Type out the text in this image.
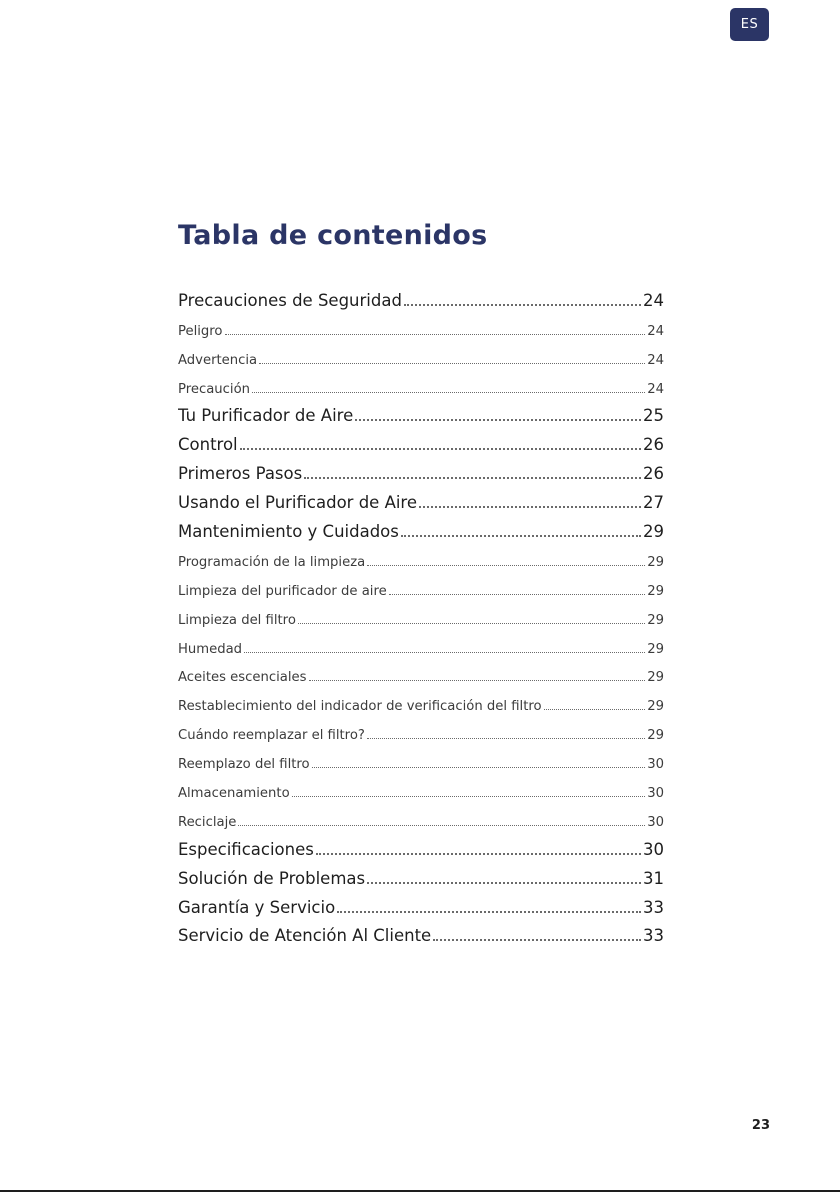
ES
Tabla de contenidos
Precauciones de Seguridad	24
Peligro	24
Advertencia	24
Precaución	24
Tu Purificador de Aire	25
Control	26
Primeros Pasos	26
Usando el Purificador de Aire	27
Mantenimiento y Cuidados	29
Programación de la limpieza	29
Limpieza del purificador de aire	29
Limpieza del filtro	29
Humedad	29
Aceites escenciales	29
Restablecimiento del indicador de verificación del filtro	29
Cuándo reemplazar el filtro?	29
Reemplazo del filtro	30
Almacenamiento	30
Reciclaje	30
Especificaciones	30
Solución de Problemas	31
Garantía y Servicio	33
Servicio de Atención Al Cliente	33
23
